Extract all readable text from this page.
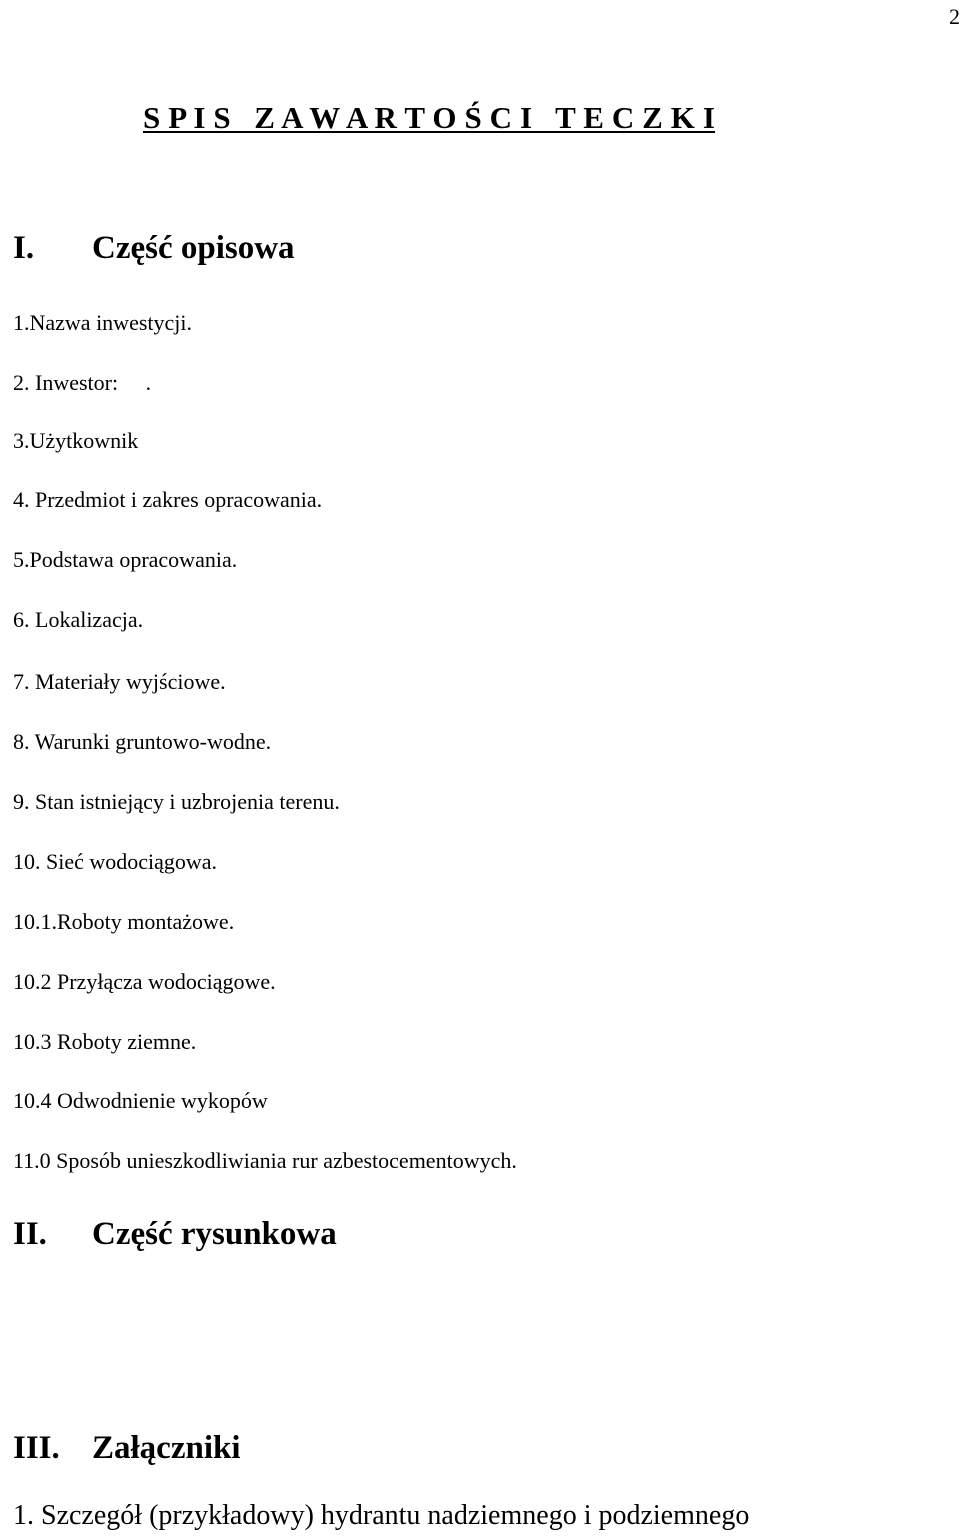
2
S P I S   Z A W A R T O Ś C I   T E C Z K I
I. Część opisowa
1.Nazwa inwestycji.
2. Inwestor:     .
3.Użytkownik
4. Przedmiot i zakres opracowania.
5.Podstawa opracowania.
6. Lokalizacja.
7. Materiały wyjściowe.
8. Warunki gruntowo-wodne.
9. Stan istniejący i uzbrojenia terenu.
10. Sieć wodociągowa.
10.1.Roboty montażowe.
10.2 Przyłącza wodociągowe.
10.3 Roboty ziemne.
10.4 Odwodnienie wykopów
11.0 Sposób unieszkodliwiania rur azbestocementowych.
II. Część rysunkowa
III. Załączniki
1. Szczegół (przykładowy) hydrantu nadziemnego i podziemnego
